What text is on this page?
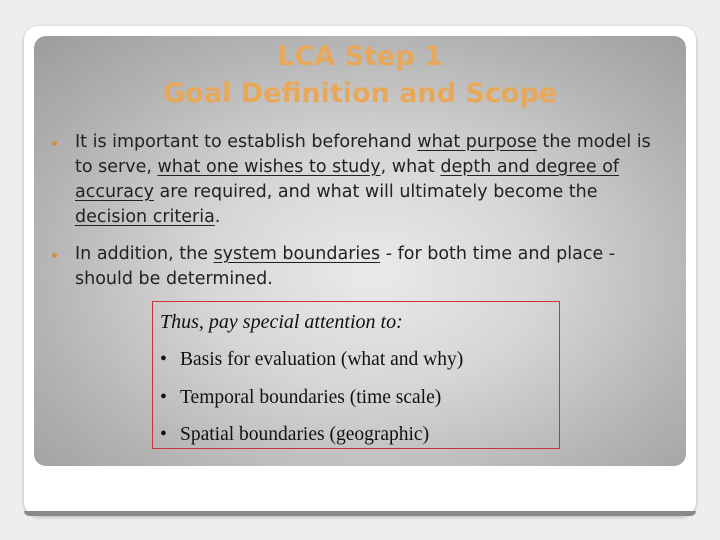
LCA Step 1
Goal Definition and Scope
It is important to establish beforehand what purpose the model is to serve, what one wishes to study, what depth and degree of accuracy are required, and what will ultimately become the decision criteria.
In addition, the system boundaries - for both time and place - should be determined.
Thus, pay special attention to:
• Basis for evaluation (what and why)
• Temporal boundaries (time scale)
• Spatial boundaries (geographic)
